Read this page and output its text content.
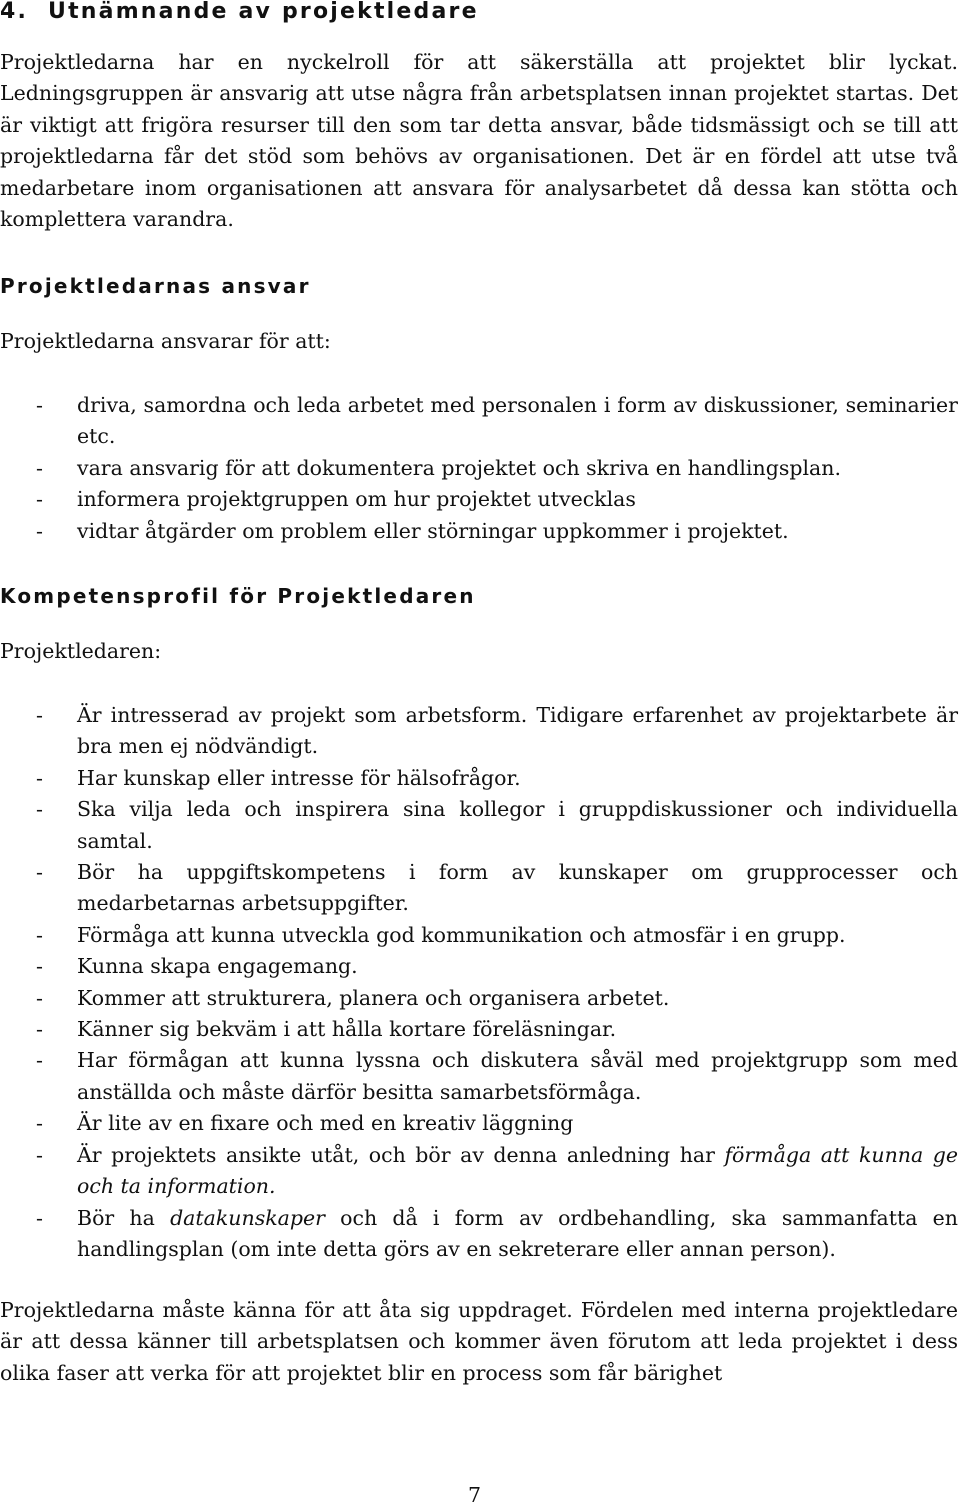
4. Utnämnande av projektledare

Projektledarna har en nyckelroll för att säkerställa att projektet blir lyckat. Ledningsgruppen är ansvarig att utse några från arbetsplatsen innan projektet startas. Det är viktigt att frigöra resurser till den som tar detta ansvar, både tidsmässigt och se till att projektledarna får det stöd som behövs av organisationen. Det är en fördel att utse två medarbetare inom organisationen att ansvara för analysarbetet då dessa kan stötta och komplettera varandra.

Projektledarnas ansvar

Projektledarna ansvarar för att:

- driva, samordna och leda arbetet med personalen i form av diskussioner, seminarier etc.
- vara ansvarig för att dokumentera projektet och skriva en handlingsplan.
- informera projektgruppen om hur projektet utvecklas
- vidtar åtgärder om problem eller störningar uppkommer i projektet.
Kompetensprofil för Projektledaren

Projektledaren:

- Är intresserad av projekt som arbetsform. Tidigare erfarenhet av projektarbete är bra men ej nödvändigt.
- Har kunskap eller intresse för hälsofrågor.
- Ska vilja leda och inspirera sina kollegor i gruppdiskussioner och individuella samtal.
- Bör ha uppgiftskompetens i form av kunskaper om grupprocesser och medarbetarnas arbetsuppgifter.
- Förmåga att kunna utveckla god kommunikation och atmosfär i en grupp.
- Kunna skapa engagemang.
- Kommer att strukturera, planera och organisera arbetet.
- Känner sig bekväm i att hålla kortare föreläsningar.
- Har förmågan att kunna lyssna och diskutera såväl med projektgrupp som med anställda och måste därför besitta samarbetsförmåga.
- Är lite av en fixare och med en kreativ läggning
- Är projektets ansikte utåt, och bör av denna anledning har förmåga att kunna ge och ta information.
- Bör ha datakunskaper och då i form av ordbehandling, ska sammanfatta en handlingsplan (om inte detta görs av en sekreterare eller annan person).

Projektledarna måste känna för att åta sig uppdraget. Fördelen med interna projektledare är att dessa känner till arbetsplatsen och kommer även förutom att leda projektet i dess olika faser att verka för att projektet blir en process som får bärighet

7
